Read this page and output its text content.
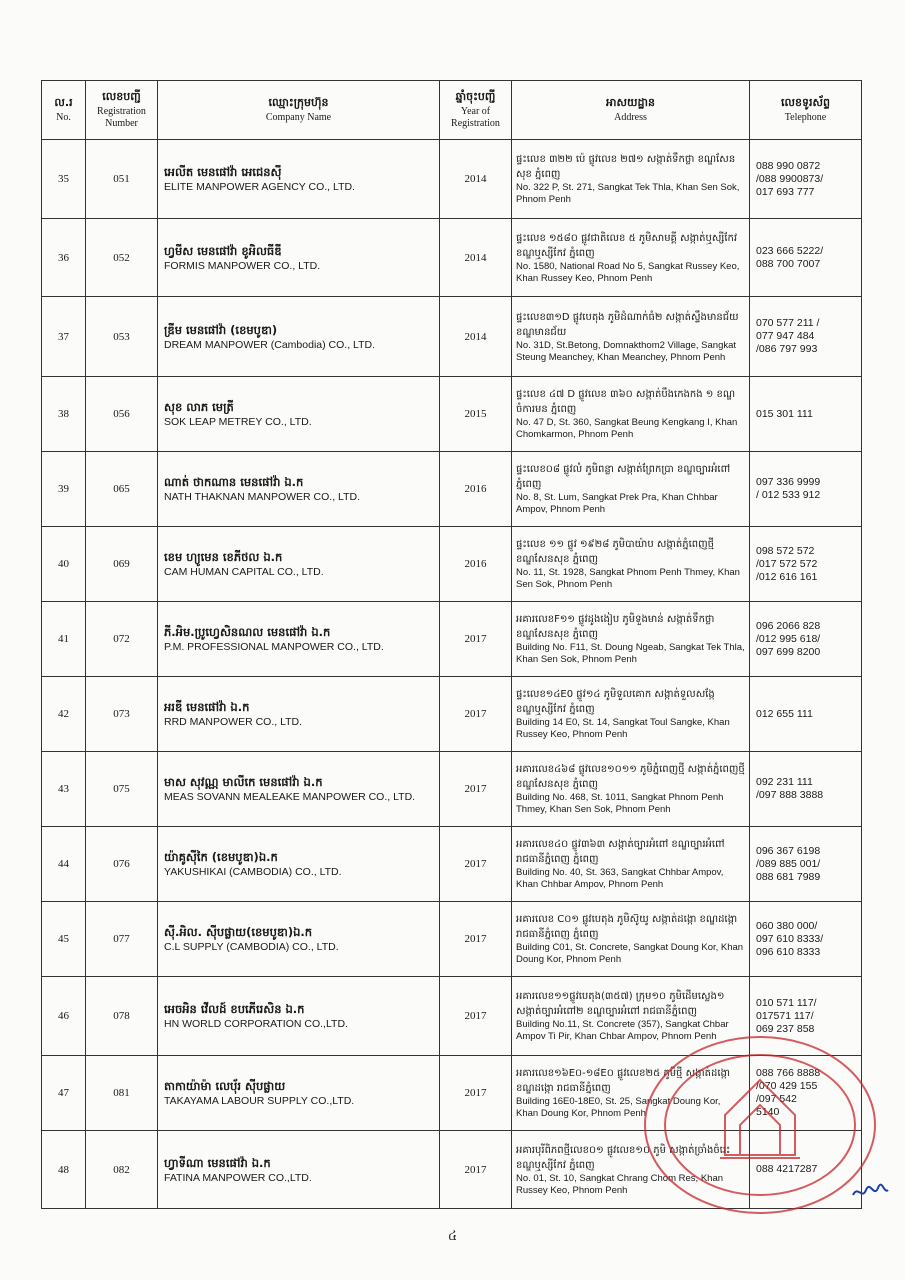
ល.រ
No.	លេខបញ្ជី
Registration Number	ឈ្មោះក្រុមហ៊ុន
Company Name	ឆ្នាំចុះបញ្ជី
Year of Registration	អាសយដ្ឋាន
Address	លេខទូរស័ព្ទ
Telephone

35	051	អេលីត មេនផៅវ៉ា អេជេនស៊ី
ELITE MANPOWER AGENCY CO., LTD.	2014	ផ្ទះលេខ ៣២២ ប៉េ ផ្លូវលេខ ២៧១ សង្កាត់ទឹកថ្លា ខណ្ឌសែនសុខ ភ្នំពេញ
No. 322 P, St. 271, Sangkat Tek Thla, Khan Sen Sok, Phnom Penh	088 990 0872
/088 9900873/
017 693 777
36	052	ហ្វមីស មេនផៅវ៉ា ខូអិលធីឌី
FORMIS MANPOWER CO., LTD.	2014	ផ្ទះលេខ ១៥៨០ ផ្លូវជាតិលេខ ៥ ភូមិសាមគ្គី សង្កាត់ឬស្សីកែវ ខណ្ឌឬស្សីកែវ ភ្នំពេញ
No. 1580, National Road No 5, Sangkat Russey Keo, Khan Russey Keo, Phnom Penh	023 666 5222/
088 700 7007
37	053	ឌ្រីម មេនផៅវ៉ា (ខេមបូឌា)
DREAM MANPOWER (Cambodia) CO., LTD.	2014	ផ្ទះលេខ៣១D ផ្លូវបេតុង ភូមិដំណាក់ធំ២ សង្កាត់ស្ទឹងមានជ័យ ខណ្ឌមានជ័យ
No. 31D, St.Betong, Domnakthom2 Village, Sangkat Steung Meanchey, Khan Meanchey, Phnom Penh	070 577 211 /
077 947 484
/086 797 993
38	056	សុខ លាភ មេត្រី
SOK LEAP METREY CO., LTD.	2015	ផ្ទះលេខ ៤៧ D ផ្លូវលេខ ៣៦០ សង្កាត់បឹងកេងកង ១ ខណ្ឌចំការមន ភ្នំពេញ
No. 47 D, St. 360, Sangkat Beung Kengkang I, Khan Chomkarmon, Phnom Penh	015 301 111
39	065	ណាត់ ថាកណាន មេនផៅវ៉ា ឯ.ក
NATH THAKNAN MANPOWER CO., LTD.	2016	ផ្ទះលេខ០៨ ផ្លូវលំ ភូមិពន្លា សង្កាត់ព្រែកប្រា ខណ្ឌច្បារអំពៅ ភ្នំពេញ
No. 8, St. Lum, Sangkat Prek Pra, Khan Chhbar Ampov, Phnom Penh	097 336 9999
/ 012 533 912
40	069	ខេម ហ្យូមេន ខេភីថល ឯ.ក
CAM HUMAN CAPITAL CO., LTD.	2016	ផ្ទះលេខ ១១ ផ្លូវ ១៩២៨ ភូមិបាយ៉ាប សង្កាត់ភ្នំពេញថ្មី ខណ្ឌសែនសុខ ភ្នំពេញ
No. 11, St. 1928, Sangkat Phnom Penh Thmey, Khan Sen Sok, Phnom Penh	098 572 572
/017 572 572
/012 616 161
41	072	ភី.អិម.ប្រូហ្វេសិនណល មេនផៅវ៉ា ឯ.ក
P.M. PROFESSIONAL MANPOWER CO., LTD.	2017	អគារលេខF១១ ផ្លូវដូងងៀប ភូមិទួងមាន់ សង្កាត់ទឹកថ្លា ខណ្ឌសែនសុខ ភ្នំពេញ
Building No. F11, St. Doung Ngeab, Sangkat Tek Thla, Khan Sen Sok, Phnom Penh	096 2066 828
/012 995 618/
097 699 8200
42	073	អរឌី មេនផៅវ៉ា ឯ.ក
RRD MANPOWER CO., LTD.	2017	ផ្ទះលេខ១៤E0 ផ្លូវ១៤ ភូមិទួលគោក សង្កាត់ទួលសង្កែ ខណ្ឌឬស្សីកែវ ភ្នំពេញ
Building 14 E0, St. 14, Sangkat Toul Sangke, Khan Russey Keo, Phnom Penh	012 655 111
43	075	មាស សុវណ្ណ មាលីកេ មេនផៅវ៉ា ឯ.ក
MEAS SOVANN MEALEAKE MANPOWER CO., LTD.	2017	អគារលេខ៤៦៨ ផ្លូវលេខ១០១១ ភូមិភ្នំពេញថ្មី សង្កាត់ភ្នំពេញថ្មី ខណ្ឌសែនសុខ ភ្នំពេញ
Building No. 468, St. 1011, Sangkat Phnom Penh Thmey, Khan Sen Sok, Phnom Penh	092 231 111
/097 888 3888
44	076	យ៉ាគូស៊ីកៃ (ខេមបូឌា)ឯ.ក
YAKUSHIKAI (CAMBODIA) CO., LTD.	2017	អគារលេខ៤០ ផ្លូវ៣៦៣ សង្កាត់ច្បារអំពៅ ខណ្ឌច្បារអំពៅ រាជធានីភ្នំពេញ ភ្នំពេញ
Building No. 40, St. 363, Sangkat Chhbar Ampov, Khan Chhbar Ampov, Phnom Penh	096 367 6198
/089 885 001/
088 681 7989
45	077	ស៊ី.អិល. ស៊ីបផ្លាយ(ខេមបូឌា)ឯ.ក
C.L SUPPLY (CAMBODIA) CO., LTD.	2017	អគារលេខ C០១ ផ្លូវបេតុង ភូមិស៊ូយូ សង្កាត់ដង្កោ ខណ្ឌដង្កោ រាជធានីភ្នំពេញ ភ្នំពេញ
Building C01, St. Concrete, Sangkat Doung Kor, Khan Doung Kor, Phnom Penh	060 380 000/
097 610 8333/
096 610 8333
46	078	អេចអិន វើលដ៍ ខបភើរេសិន ឯ.ក
HN WORLD CORPORATION CO.,LTD.	2017	អគារលេខ១១ផ្លូវបេតុង(៣៥៧) ក្រុម១០ ភូមិដើមស្លេង១ សង្កាត់ច្បារអំពៅ២ ខណ្ឌច្បារអំពៅ រាជធានីភ្នំពេញ
Building No.11, St. Concrete (357), Sangkat Chbar Ampov Ti Pir, Khan Chbar Ampov, Phnom Penh	010 571 117/
017571 117/
069 237 858
47	081	តាកាយ៉ាម៉ា លេប៉័រ ស៊ីបផ្លាយ
TAKAYAMA LABOUR SUPPLY CO.,LTD.	2017	អគារលេខ១៦E០-១៨E០ ផ្លូវលេខ២៥ ភូមិថ្មី សង្កាត់ដង្កោ ខណ្ឌដង្កោ រាជធានីភ្នំពេញ
Building 16E0-18E0, St. 25, Sangkat Doung Kor, Khan Doung Kor, Phnom Penh	088 766 8888
/070 429 155
/097 542
5140
48	082	ហ្វាទីណា មេនផៅវ៉ា ឯ.ក
FATINA MANPOWER CO.,LTD.	2017	អគារបុរីពិភពថ្មីលេខ០១ ផ្លូវលេខ១០ ភូមិ សង្កាត់ច្រាំងចំរេះ ខណ្ឌឬស្សីកែវ ភ្នំពេញ
No. 01, St. 10, Sangkat Chrang Chom Res, Khan Russey Keo, Phnom Penh	088 4217287
៤
